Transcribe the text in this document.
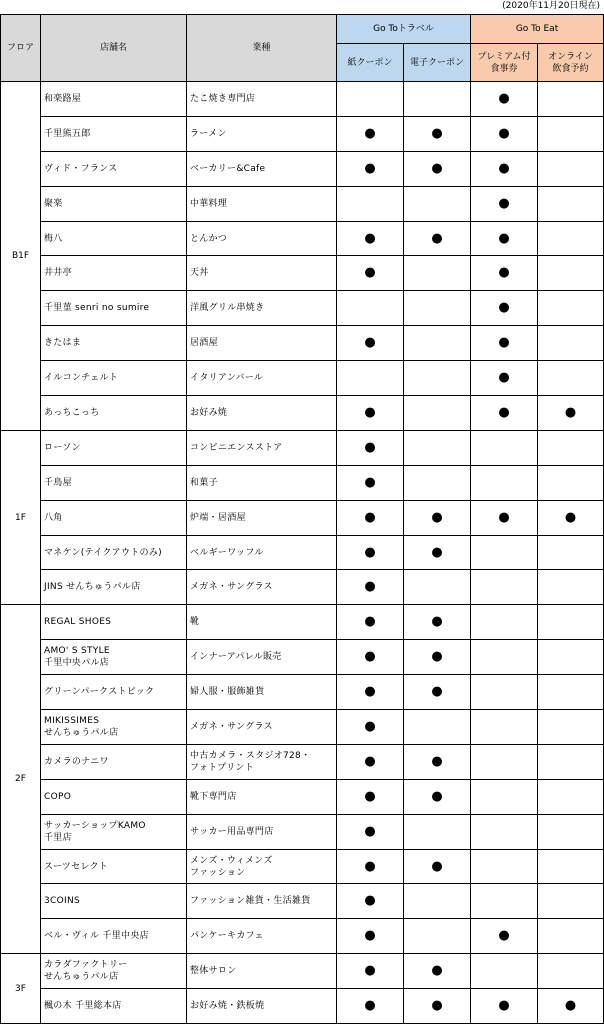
(2020年11月20日現在)
フロア	店舗名	業種	Go Toトラベル		Go To Eat	
			紙クーポン	電子クーポン	プレミアム付
食事券	オンライン
飲食予約

B1F	和楽路屋	たこ焼き専門店			●	

	千里熊五郎	ラーメン	●	●	●	

	ヴィド・フランス	ベーカリー&Cafe	●	●	●	

	聚楽	中華料理			●	

	梅八	とんかつ	●	●	●	

	井井亭	天丼	●		●	

	千里菫 senri no sumire	洋風グリル串焼き			●	

	きたはま	居酒屋	●		●	

	イルコンチェルト	イタリアンバール			●	

	あっちこっち	お好み焼	●		●	●
1F	ローソン	コンビニエンスストア	●			

	千鳥屋	和菓子	●			

	八角	炉端・居酒屋	●	●	●	●

	マネケン(テイクアウトのみ)	ベルギーワッフル	●	●		

	JINS せんちゅうパル店	メガネ・サングラス	●			
2F	REGAL SHOES	靴	●	●		

	AMO' S STYLE
千里中央パル店	インナーアパレル販売	●	●		

	グリーンパークストピック	婦人服・服飾雑貨	●	●		

	MIKISSIMES
せんちゅうパル店	メガネ・サングラス	●			

	カメラのナニワ	中古カメラ・スタジオ728・
フォトプリント	●	●		

	COPO	靴下専門店	●	●		

	サッカーショップKAMO
千里店	サッカー用品専門店	●			

	スーツセレクト	メンズ・ウィメンズ
ファッション	●	●		

	3COINS	ファッション雑貨・生活雑貨	●			

	ベル・ヴィル 千里中央店	パンケーキカフェ	●		●	
3F	カラダファクトリー
せんちゅうパル店	整体サロン	●	●		

	楓の木 千里総本店	お好み焼・鉄板焼	●	●	●	●
